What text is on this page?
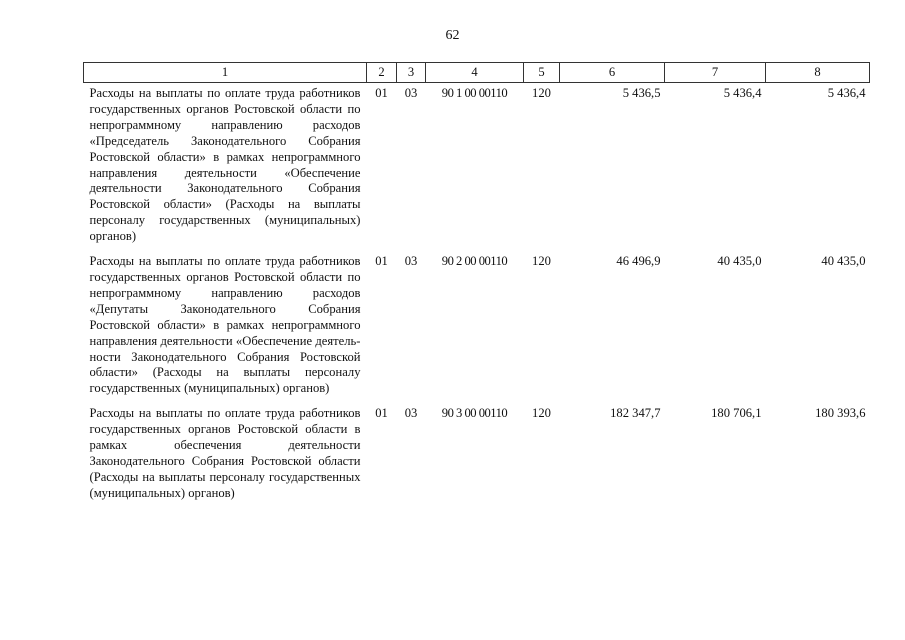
62
1	2	3	4	5	6	7	8
Расходы на выплаты по оплате труда работников государственных органов Ростовской области по непрограммному направлению расходов «Председатель Законодательного Собрания Ростовской области» в рамках непрограммного направления деятельности «Обеспечение деятельности Законодательного Собрания Ростовской области» (Расходы на выплаты персоналу государственных (муниципальных) органов)	01	03	90 1 00 00110	120	5 436,5	5 436,4	5 436,4
Расходы на выплаты по оплате труда работников государственных органов Ростовской области по непрограммному направлению расходов «Депутаты Законодательного Собрания Ростовской области» в рамках непрограммного направления деятельности «Обеспечение деятельности Законодательного Собрания Ростовской области» (Расходы на выплаты персоналу государственных (муниципальных) органов)	01	03	90 2 00 00110	120	46 496,9	40 435,0	40 435,0
Расходы на выплаты по оплате труда работников государственных органов Ростовской области в рамках обеспечения деятельности Законодательного Собрания Ростовской области (Расходы на выплаты персоналу государственных (муниципальных) органов)	01	03	90 3 00 00110	120	182 347,7	180 706,1	180 393,6
